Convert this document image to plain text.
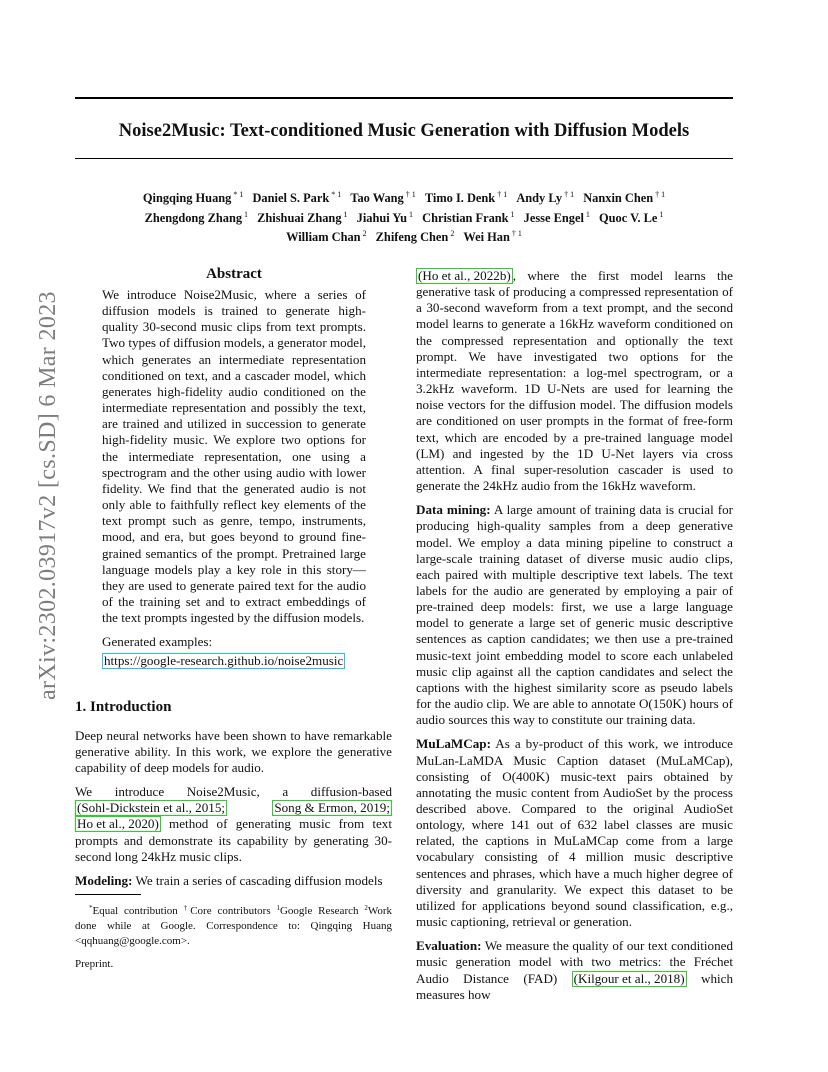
Noise2Music: Text-conditioned Music Generation with Diffusion Models
Qingqing Huang $^{* 1}$ Daniel S. Park $^{* 1}$ Tao Wang $^{\dagger 1}$ Timo I. Denk $^{\dagger 1}$ Andy Ly $^{\dagger 1}$ Nanxin Chen $^{\dagger 1}$
Zhengdong Zhang $^1$ Zhishuai Zhang $^1$ Jiahui Yu $^1$ Christian Frank $^1$ Jesse Engel $^1$ Quoc V. Le $^1$
William Chan $^2$ Zhifeng Chen $^2$ Wei Han $^{\dagger 1}$
arXiv:2302.03917v2 [cs.SD] 6 Mar 2023
Abstract

We introduce Noise2Music, where a series of diffusion models is trained to generate high-quality 30-second music clips from text prompts. Two types of diffusion models, a generator model, which generates an intermediate representation conditioned on text, and a cascader model, which generates high-fidelity audio conditioned on the intermediate representation and possibly the text, are trained and utilized in succession to generate high-fidelity music. We explore two options for the intermediate representation, one using a spectrogram and the other using audio with lower fidelity. We find that the generated audio is not only able to faithfully reflect key elements of the text prompt such as genre, tempo, instruments, mood, and era, but goes beyond to ground fine-grained semantics of the prompt. Pretrained large language models play a key role in this story—they are used to generate paired text for the audio of the training set and to extract embeddings of the text prompts ingested by the diffusion models.

Generated examples:

https://google-research.github.io/noise2music

1. Introduction

Deep neural networks have been shown to have remarkable generative ability. In this work, we explore the generative capability of deep models for audio.

We introduce Noise2Music, a diffusion-based (Sohl-Dickstein et al., 2015;	Song & Ermon, 2019; Ho et al., 2020) method of generating music from text prompts and demonstrate its capability by generating 30-second long 24kHz music clips.

Modeling: We train a series of cascading diffusion models

*Equal contribution †Core contributors $^1$Google Research $^2$Work done while at Google. Correspondence to: Qingqing Huang <qqhuang@google.com>.
Preprint.

(Ho et al., 2022b) , where the first model learns the generative task of producing a compressed representation of a 30-second waveform from a text prompt, and the second model learns to generate a 16kHz waveform conditioned on the compressed representation and optionally the text prompt. We have investigated two options for the intermediate representation: a log-mel spectrogram, or a 3.2kHz waveform. 1D U-Nets are used for learning the noise vectors for the diffusion model. The diffusion models are conditioned on user prompts in the format of free-form text, which are encoded by a pre-trained language model (LM) and ingested by the 1D U-Net layers via cross attention. A final super-resolution cascader is used to generate the 24kHz audio from the 16kHz waveform.

Data mining: A large amount of training data is crucial for producing high-quality samples from a deep generative model. We employ a data mining pipeline to construct a large-scale training dataset of diverse music audio clips, each paired with multiple descriptive text labels. The text labels for the audio are generated by employing a pair of pre-trained deep models: first, we use a large language model to generate a large set of generic music descriptive sentences as caption candidates; we then use a pre-trained music-text joint embedding model to score each unlabeled music clip against all the caption candidates and select the captions with the highest similarity score as pseudo labels for the audio clip. We are able to annotate O(150K) hours of audio sources this way to constitute our training data.

MuLaMCap: As a by-product of this work, we introduce MuLan-LaMDA Music Caption dataset (MuLaMCap), consisting of O(400K) music-text pairs obtained by annotating the music content from AudioSet by the process described above. Compared to the original AudioSet ontology, where 141 out of 632 label classes are music related, the captions in MuLaMCap come from a large vocabulary consisting of 4 million music descriptive sentences and phrases, which have a much higher degree of diversity and granularity. We expect this dataset to be utilized for applications beyond sound classification, e.g., music captioning, retrieval or generation.

Evaluation: We measure the quality of our text conditioned music generation model with two metrics: the Fréchet Audio Distance (FAD) (Kilgour et al., 2018) which measures how
